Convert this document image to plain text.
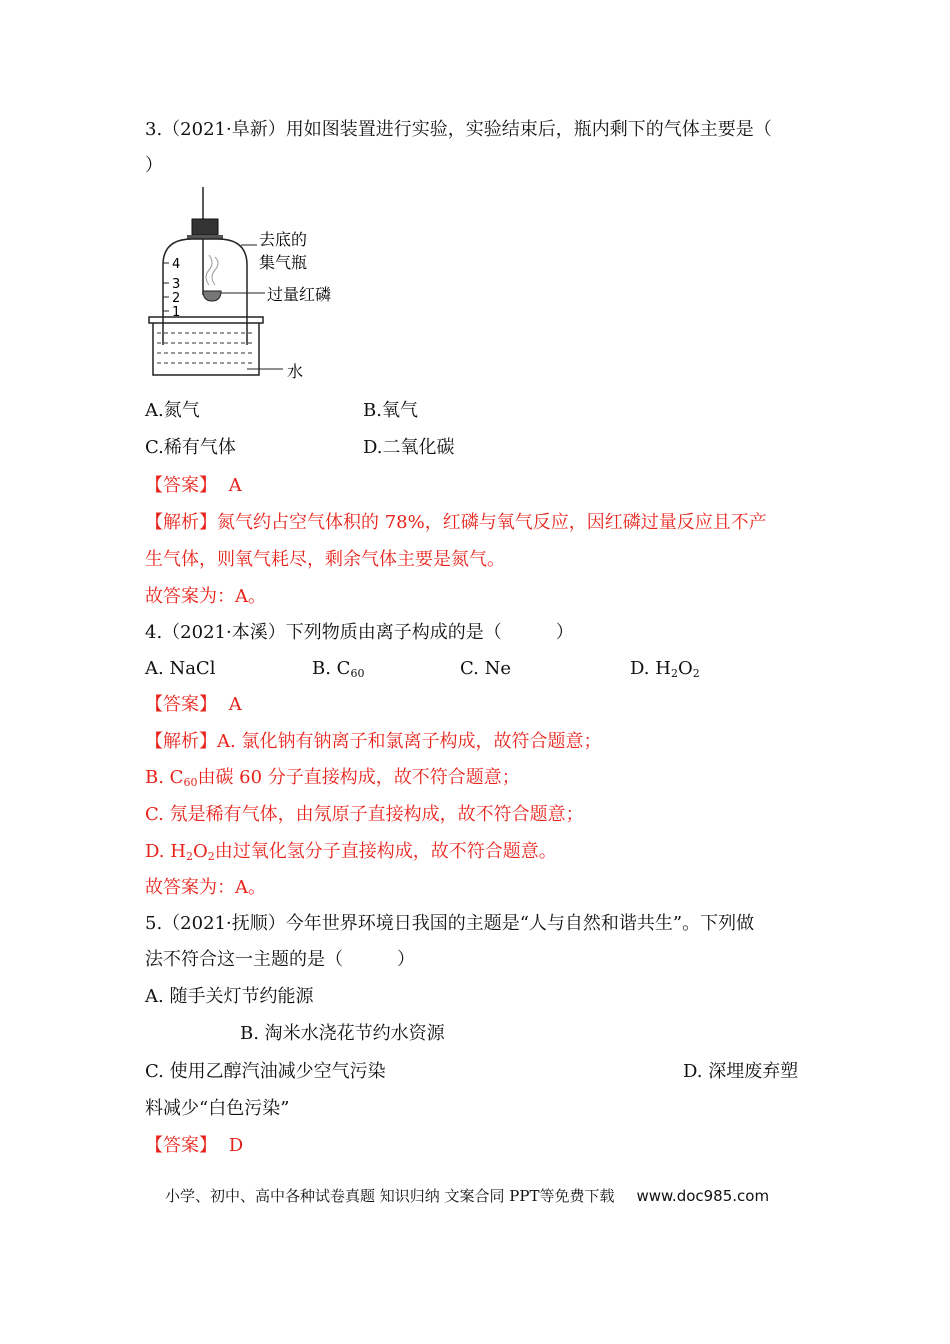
3.（2021·阜新）用如图装置进行实验，实验结束后，瓶内剩下的气体主要是（

）

4
3
2
1
去底的
集气瓶
过量红磷
水

A.氮气	B.氧气

C.稀有气体	D.二氧化碳

【答案】 A

【解析】氮气约占空气体积的 78%，红磷与氧气反应，因红磷过量反应且不产

生气体，则氧气耗尽，剩余气体主要是氮气。

故答案为：A。

4.（2021·本溪）下列物质由离子构成的是（　　　）

A. NaCl	B. $C_{60}$	C. Ne	D. $H_2O_2$

【答案】 A

【解析】A. 氯化钠有钠离子和氯离子构成，故符合题意；

B. $C_{60}$由碳 60 分子直接构成，故不符合题意；

C. 氖是稀有气体，由氖原子直接构成，故不符合题意；

D. $H_2O_2$由过氧化氢分子直接构成，故不符合题意。

故答案为：A。

5.（2021·抚顺）今年世界环境日我国的主题是“人与自然和谐共生”。下列做

法不符合这一主题的是（　　　）

A. 随手关灯节约能源

B. 淘米水浇花节约水资源

C. 使用乙醇汽油减少空气污染	D. 深埋废弃塑

料减少“白色污染”

【答案】 D

小学、初中、高中各种试卷真题 知识归纳 文案合同 PPT等免费下载 www.doc985.com
